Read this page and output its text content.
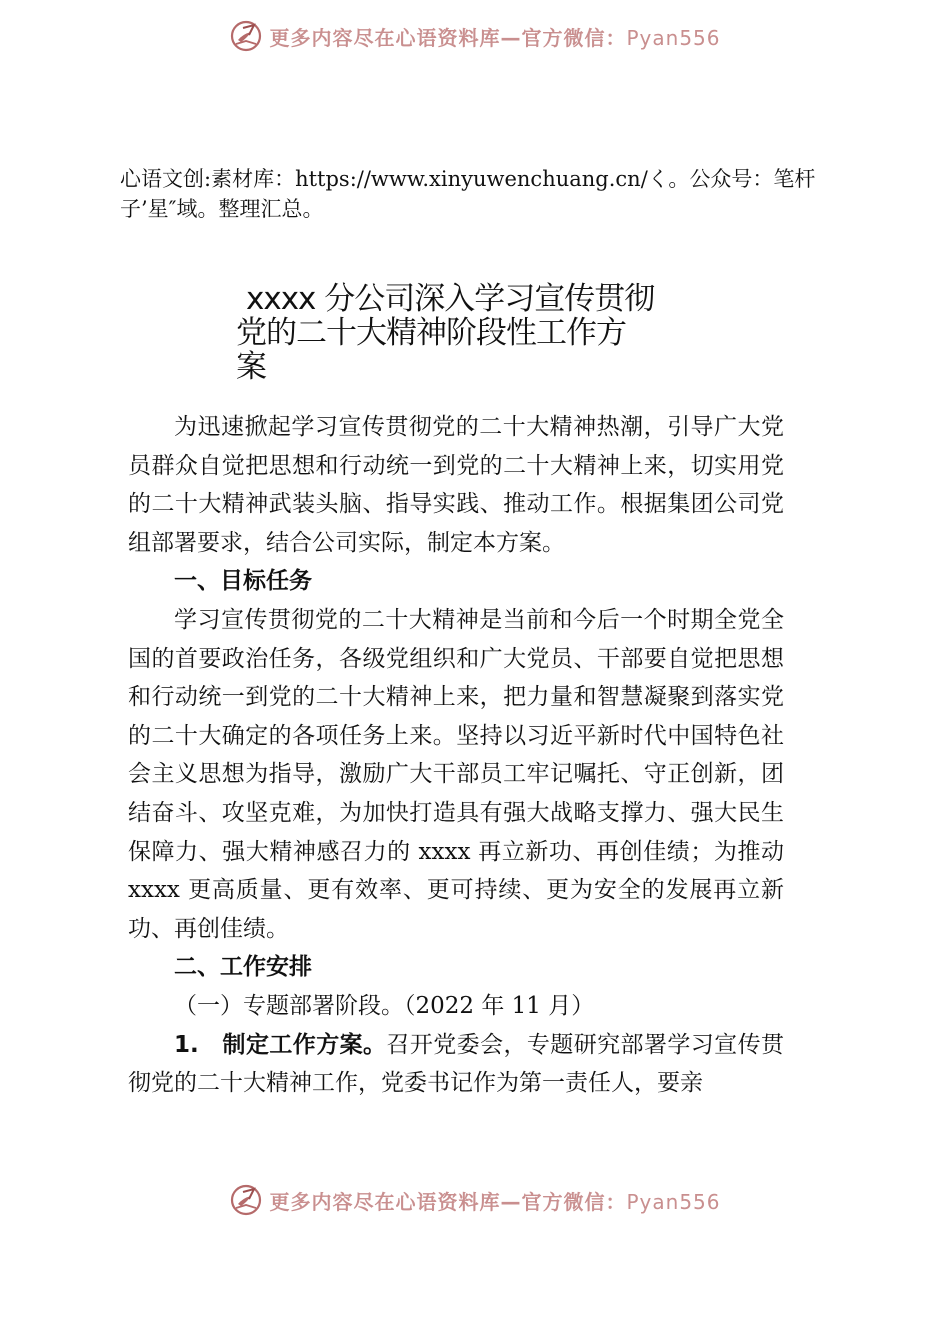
更多内容尽在心语资料库—官方微信：Pyan556
心语文创:素材库：https://www.xinyuwenchuang.cn/く。公众号：笔杆子’星″域。整理汇总。
xxxx 分公司深入学习宣传贯彻
党的二十大精神阶段性工作方
案

为迅速掀起学习宣传贯彻党的二十大精神热潮，引导广大党员群众自觉把思想和行动统一到党的二十大精神上来，切实用党的二十大精神武装头脑、指导实践、推动工作。根据集团公司党组部署要求，结合公司实际，制定本方案。

一、目标任务

学习宣传贯彻党的二十大精神是当前和今后一个时期全党全国的首要政治任务，各级党组织和广大党员、干部要自觉把思想和行动统一到党的二十大精神上来，把力量和智慧凝聚到落实党的二十大确定的各项任务上来。坚持以习近平新时代中国特色社会主义思想为指导，激励广大干部员工牢记嘱托、守正创新，团结奋斗、攻坚克难，为加快打造具有强大战略支撑力、强大民生保障力、强大精神感召力的 xxxx 再立新功、再创佳绩；为推动 xxxx 更高质量、更有效率、更可持续、更为安全的发展再立新功、再创佳绩。

二、工作安排
（一）专题部署阶段。（2022 年 11 月）

1.　制定工作方案。召开党委会，专题研究部署学习宣传贯彻党的二十大精神工作，党委书记作为第一责任人，要亲

更多内容尽在心语资料库—官方微信：Pyan556
